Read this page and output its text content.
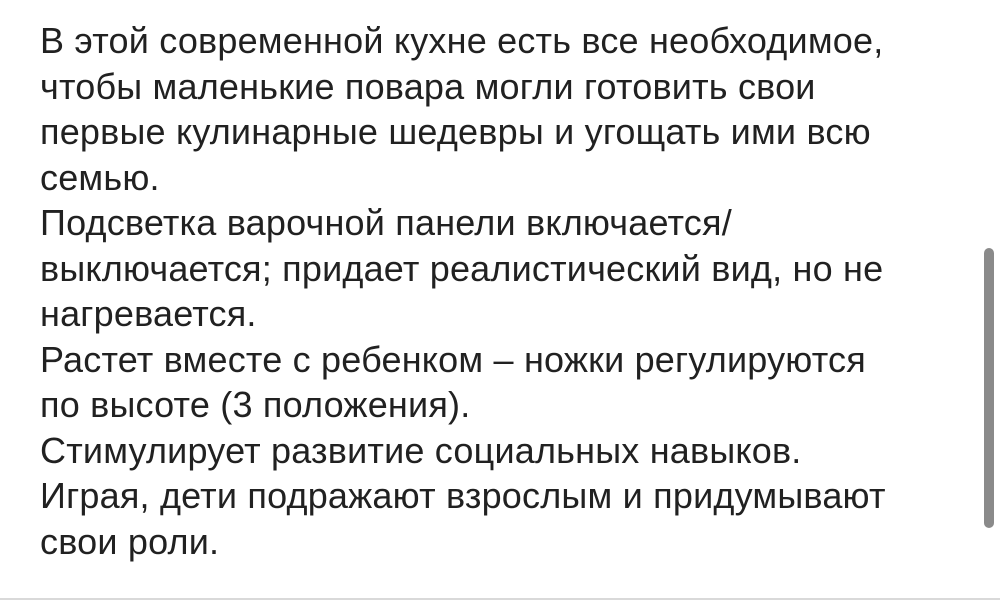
В этой современной кухне есть все необходимое,
чтобы маленькие повара могли готовить свои
первые кулинарные шедевры и угощать ими всю
семью.
Подсветка варочной панели включается/
выключается; придает реалистический вид, но не
нагревается.
Растет вместе с ребенком – ножки регулируются
по высоте (3 положения).
Стимулирует развитие социальных навыков.
Играя, дети подражают взрослым и придумывают
свои роли.
